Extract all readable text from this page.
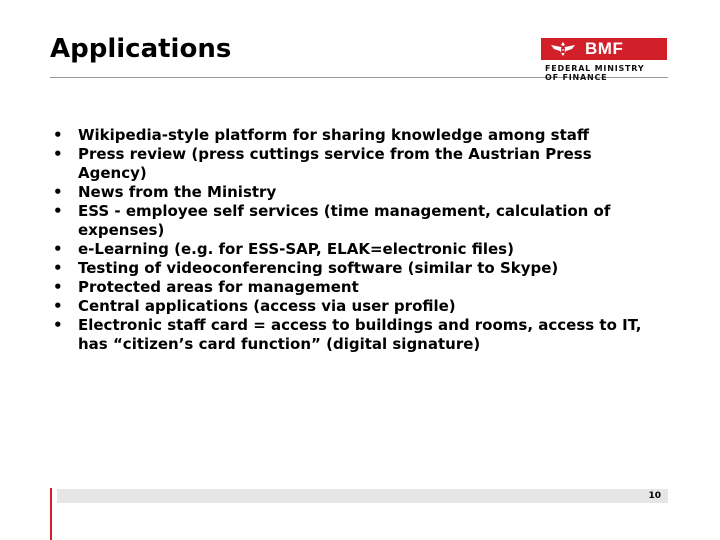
Applications	BMF
FEDERAL MINISTRY
OF FINANCE
• Wikipedia-style platform for sharing knowledge among staff
• Press review (press cuttings service from the Austrian Press Agency)
• News from the Ministry
• ESS - employee self services (time management, calculation of expenses)
• e-Learning (e.g. for ESS-SAP, ELAK=electronic files)
• Testing of videoconferencing software (similar to Skype)
• Protected areas for management
• Central applications (access via user profile)
• Electronic staff card = access to buildings and rooms, access to IT, has “citizen’s card function” (digital signature)
10
